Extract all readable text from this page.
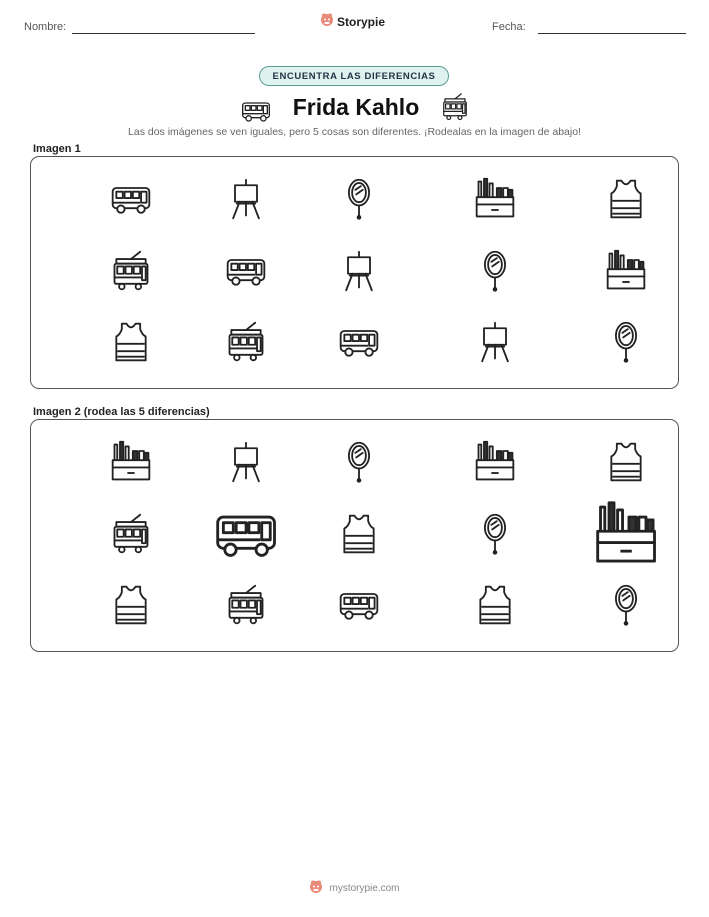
Nombre:	Storypie	Fecha:
ENCUENTRA LAS DIFERENCIAS
Frida Kahlo
Las dos imágenes se ven iguales, pero 5 cosas son diferentes. ¡Rodealas en la imagen de abajo!
Imagen 1
Imagen 2 (rodea las 5 diferencias)
mystorypie.com
